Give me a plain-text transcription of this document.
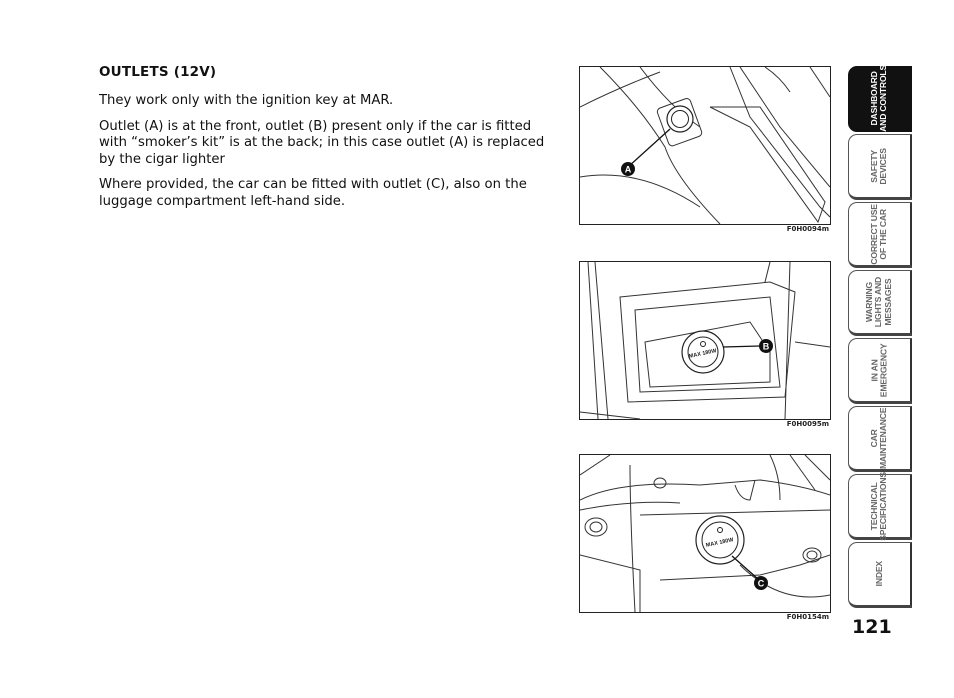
OUTLETS (12V)

They work only with the ignition key at MAR.

Outlet (A) is at the front, outlet (B) present only if the car is fitted with “smoker’s kit” is at the back; in this case outlet (A) is replaced by the cigar lighter

Where provided, the car can be fitted with outlet (C), also on the luggage compartment left-hand side.

A
F0H0094m
MAX 180W
B
F0H0095m
MAX 180W
C
F0H0154m
DASHBOARD
AND CONTROLS
SAFETY
DEVICES
CORRECT USE
OF THE CAR
WARNING
LIGHTS AND
MESSAGES
IN AN
EMERGENCY
CAR
MAINTENANCE
TECHNICAL
SPECIFICATIONS
INDEX
121
